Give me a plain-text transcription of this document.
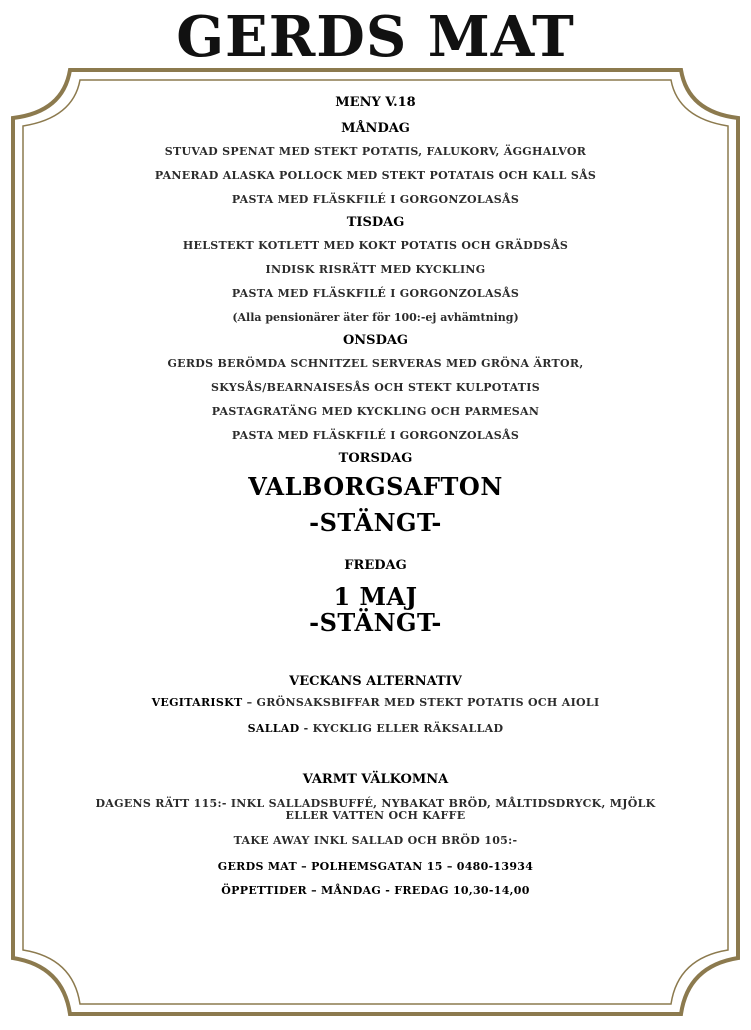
GERDS MAT
MENY V.18
MÅNDAG
STUVAD SPENAT MED STEKT POTATIS, FALUKORV, ÄGGHALVOR
PANERAD ALASKA POLLOCK MED STEKT POTATAIS OCH KALL SÅS
PASTA MED FLÄSKFILÉ I GORGONZOLASÅS
TISDAG
HELSTEKT KOTLETT MED KOKT POTATIS OCH GRÄDDSÅS
INDISK RISRÄTT MED KYCKLING
PASTA MED FLÄSKFILÉ I GORGONZOLASÅS
(Alla pensionärer äter för 100:-ej avhämtning)
ONSDAG
GERDS BERÖMDA SCHNITZEL SERVERAS MED GRÖNA ÄRTOR,
SKYSÅS/BEARNAISESÅS OCH STEKT KULPOTATIS
PASTAGRATÄNG MED KYCKLING OCH PARMESAN
PASTA MED FLÄSKFILÉ I GORGONZOLASÅS
TORSDAG
VALBORGSAFTON
-STÄNGT-
FREDAG
1 MAJ
-STÄNGT-
VECKANS ALTERNATIV
VEGITARISKT – GRÖNSAKSBIFFAR MED STEKT POTATIS OCH AIOLI
SALLAD - KYCKLIG ELLER RÄKSALLAD
VARMT VÄLKOMNA
DAGENS RÄTT 115:- INKL SALLADSBUFFÉ, NYBAKAT BRÖD, MÅLTIDSDRYCK, MJÖLK
ELLER VATTEN OCH KAFFE
TAKE AWAY INKL SALLAD OCH BRÖD 105:-
GERDS MAT – POLHEMSGATAN 15 – 0480-13934
ÖPPETTIDER – MÅNDAG - FREDAG 10,30-14,00
